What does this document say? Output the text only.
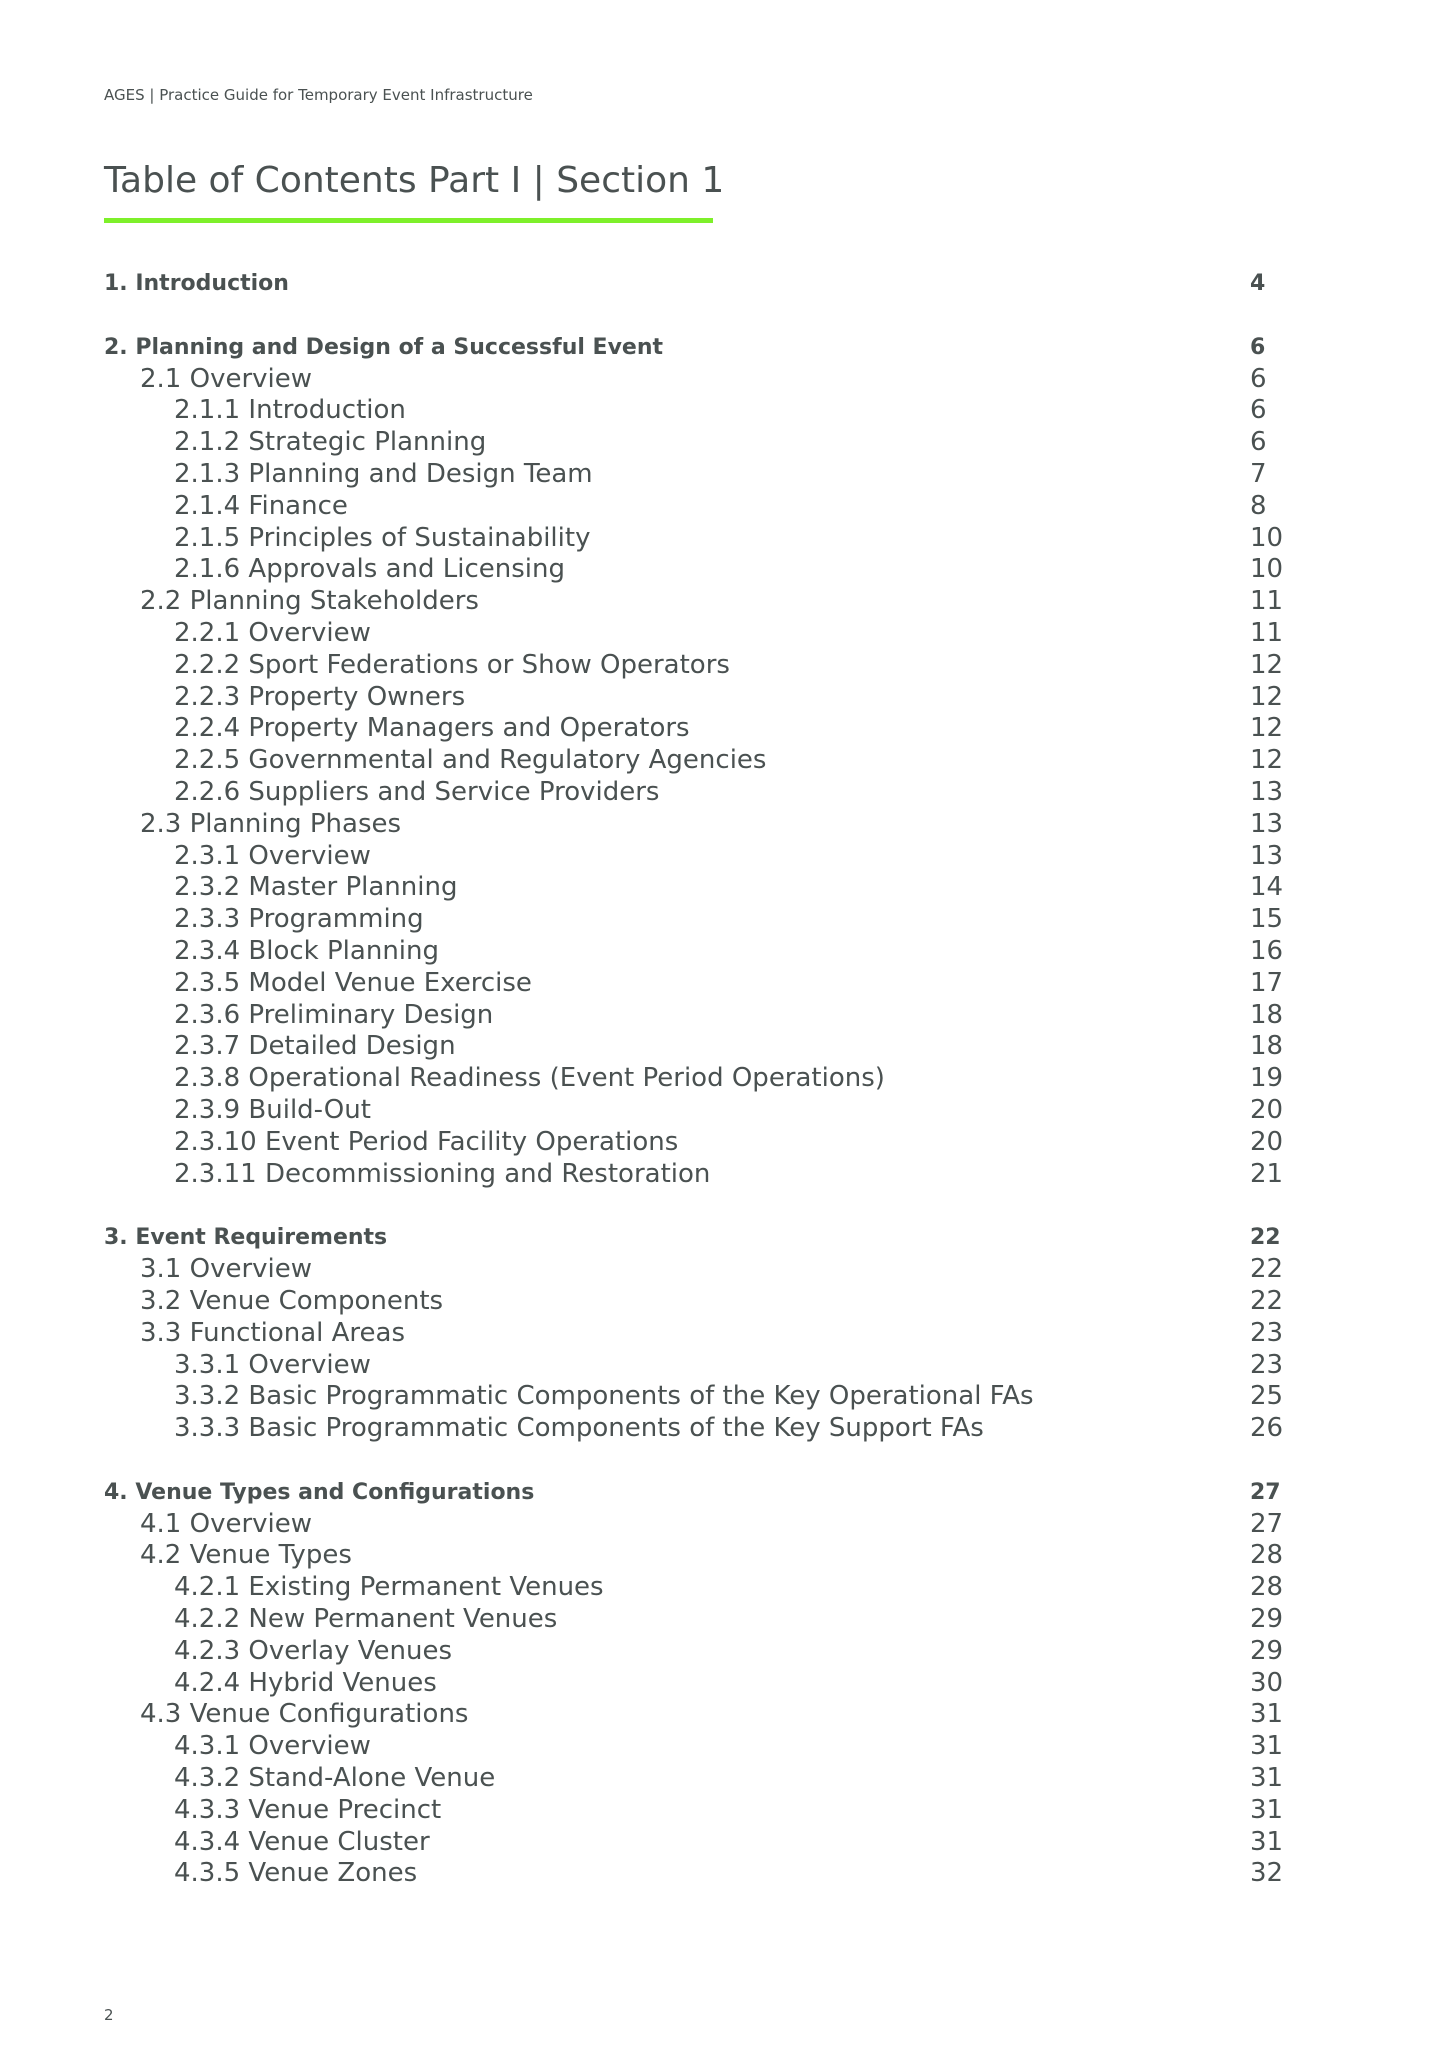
AGES | Practice Guide for Temporary Event Infrastructure
Table of Contents Part I | Section 1
1. Introduction	4
2. Planning and Design of a Successful Event	6
2.1 Overview	6
2.1.1 Introduction	6
2.1.2 Strategic Planning	6
2.1.3 Planning and Design Team	7
2.1.4 Finance	8
2.1.5 Principles of Sustainability	10
2.1.6 Approvals and Licensing	10
2.2 Planning Stakeholders	11
2.2.1 Overview	11
2.2.2 Sport Federations or Show Operators	12
2.2.3 Property Owners	12
2.2.4 Property Managers and Operators	12
2.2.5 Governmental and Regulatory Agencies	12
2.2.6 Suppliers and Service Providers	13
2.3 Planning Phases	13
2.3.1 Overview	13
2.3.2 Master Planning	14
2.3.3 Programming	15
2.3.4 Block Planning	16
2.3.5 Model Venue Exercise	17
2.3.6 Preliminary Design	18
2.3.7 Detailed Design	18
2.3.8 Operational Readiness (Event Period Operations)	19
2.3.9 Build-Out	20
2.3.10 Event Period Facility Operations	20
2.3.11 Decommissioning and Restoration	21
3. Event Requirements	22
3.1 Overview	22
3.2 Venue Components	22
3.3 Functional Areas	23
3.3.1 Overview	23
3.3.2 Basic Programmatic Components of the Key Operational FAs	25
3.3.3 Basic Programmatic Components of the Key Support FAs	26
4. Venue Types and Configurations	27
4.1 Overview	27
4.2 Venue Types	28
4.2.1 Existing Permanent Venues	28
4.2.2 New Permanent Venues	29
4.2.3 Overlay Venues	29
4.2.4 Hybrid Venues	30
4.3 Venue Configurations	31
4.3.1 Overview	31
4.3.2 Stand-Alone Venue	31
4.3.3 Venue Precinct	31
4.3.4 Venue Cluster	31
4.3.5 Venue Zones	32
2
